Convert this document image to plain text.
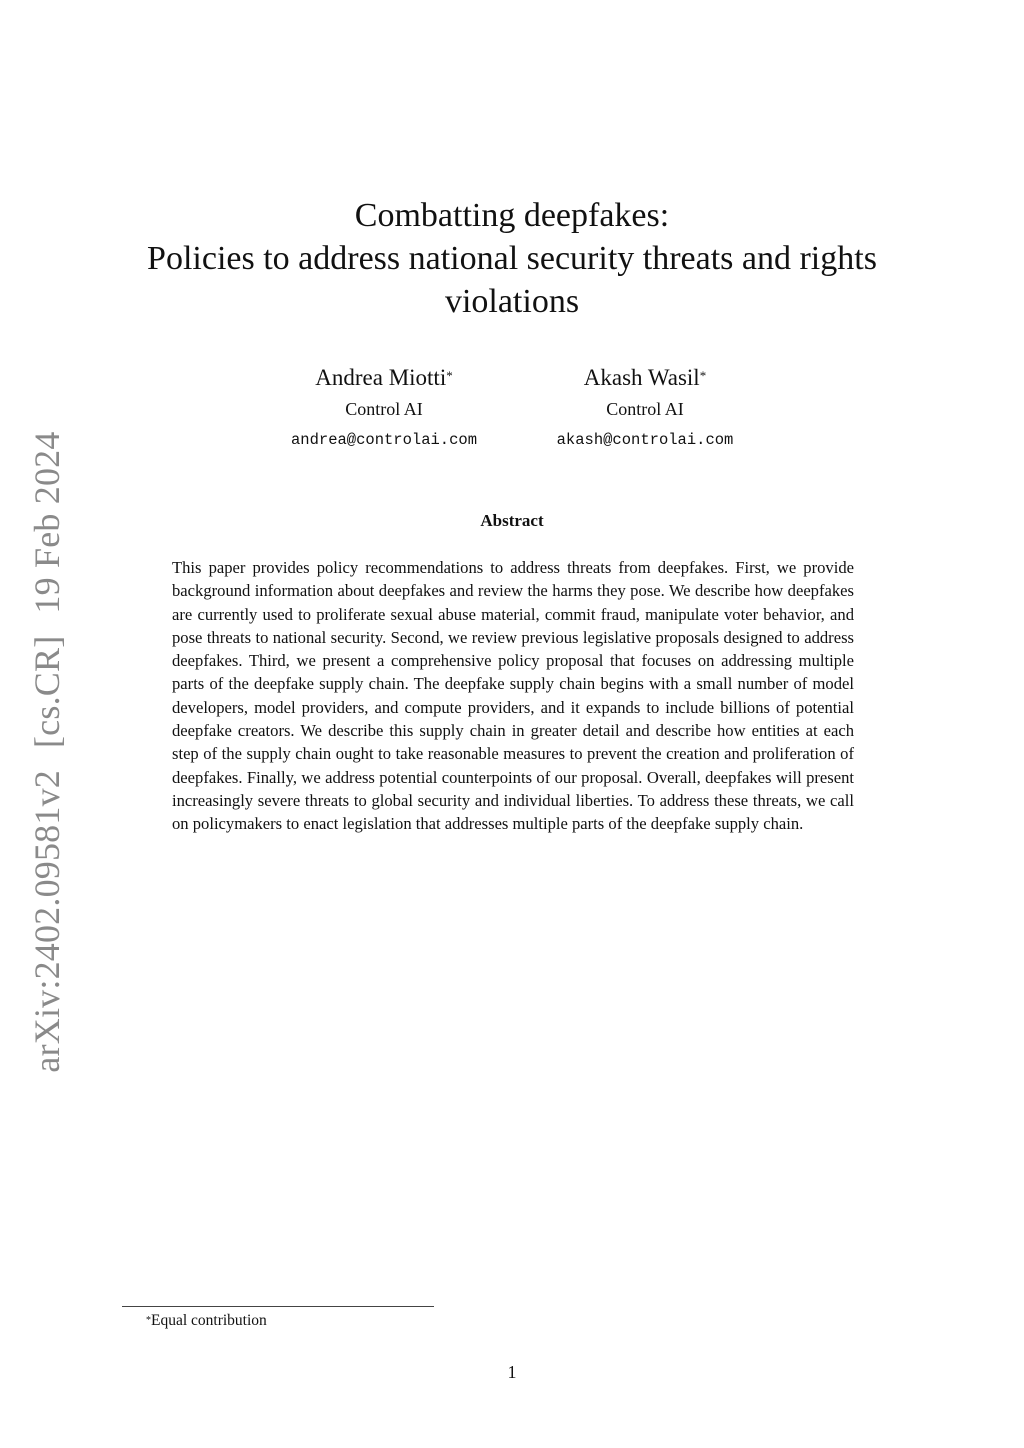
arXiv:2402.09581v2[cs.CR]19 Feb 2024
Combatting deepfakes:
Policies to address national security threats and rights violations
Andrea Miotti*
Control AI
andrea@controlai.com
Akash Wasil*
Control AI
akash@controlai.com
Abstract

This paper provides policy recommendations to address threats from deepfakes. First, we provide background information about deepfakes and review the harms they pose. We describe how deepfakes are currently used to proliferate sexual abuse material, commit fraud, manipulate voter behavior, and pose threats to national security. Second, we review previous legislative proposals designed to address deepfakes. Third, we present a comprehensive policy proposal that focuses on addressing multiple parts of the deepfake supply chain. The deepfake supply chain begins with a small number of model developers, model providers, and compute providers, and it expands to include billions of potential deepfake creators. We describe this supply chain in greater detail and describe how entities at each step of the supply chain ought to take reasonable measures to prevent the creation and proliferation of deepfakes. Finally, we address potential counterpoints of our proposal. Overall, deepfakes will present increasingly severe threats to global security and individual liberties. To address these threats, we call on policymakers to enact legislation that addresses multiple parts of the deepfake supply chain.

*Equal contribution
1
